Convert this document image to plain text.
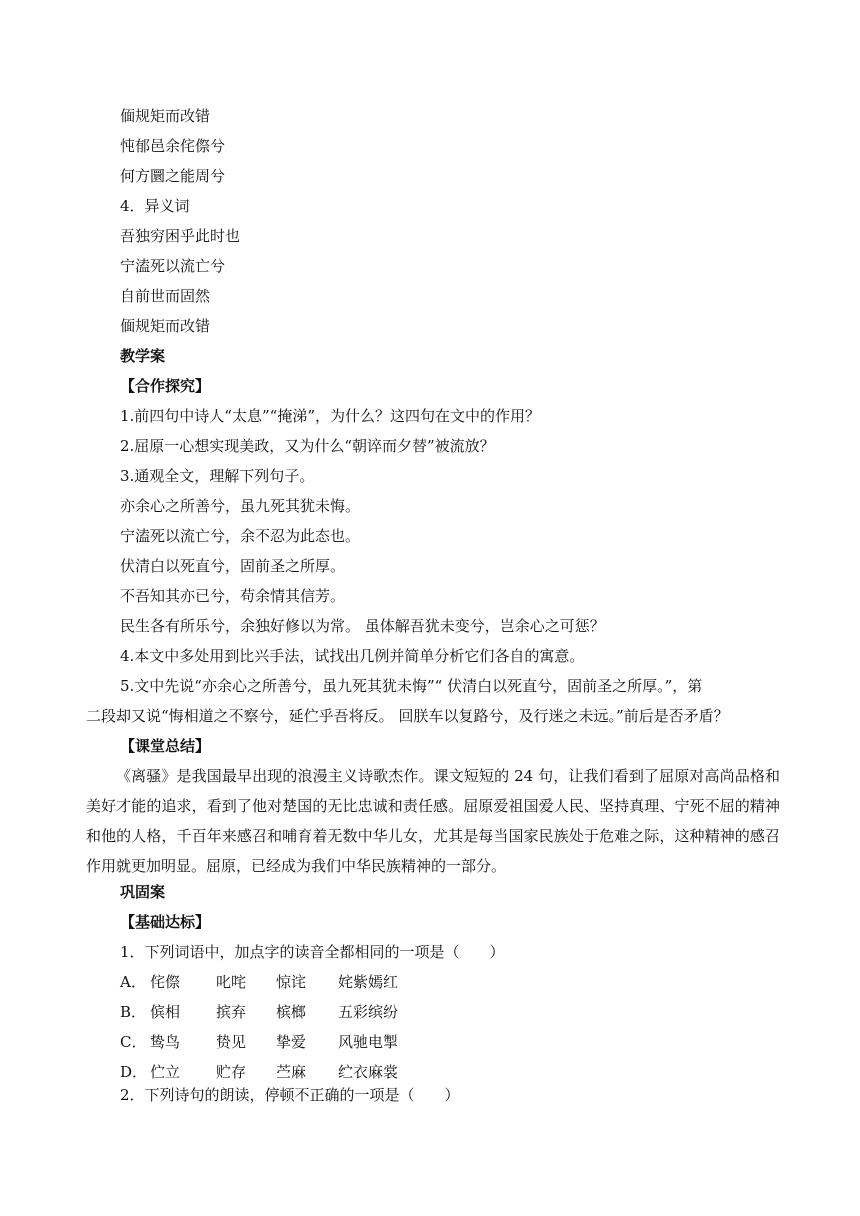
偭规矩而改错
忳郁邑余侘傺兮
何方圜之能周兮
4．异义词
吾独穷困乎此时也
宁溘死以流亡兮
自前世而固然
偭规矩而改错
教学案
【合作探究】
1.前四句中诗人“太息”“掩涕”，为什么？这四句在文中的作用？
2.屈原一心想实现美政，又为什么“朝谇而夕替”被流放？
3.通观全文，理解下列句子。
亦余心之所善兮，虽九死其犹未悔。
宁溘死以流亡兮，余不忍为此态也。
伏清白以死直兮，固前圣之所厚。
不吾知其亦已兮，苟余情其信芳。
民生各有所乐兮，余独好修以为常。 虽体解吾犹未变兮，岂余心之可惩？
4.本文中多处用到比兴手法，试找出几例并简单分析它们各自的寓意。
5.文中先说“亦余心之所善兮，虽九死其犹未悔”“ 伏清白以死直兮，固前圣之所厚。”，第
二段却又说“悔相道之不察兮，延伫乎吾将反。 回朕车以复路兮，及行迷之未远。”前后是否矛盾？
【课堂总结】
《离骚》是我国最早出现的浪漫主义诗歌杰作。课文短短的 24 句，让我们看到了屈原对高尚品格和美好才能的追求，看到了他对楚国的无比忠诚和责任感。屈原爱祖国爱人民、坚持真理、宁死不屈的精神和他的人格，千百年来感召和哺育着无数中华儿女，尤其是每当国家民族处于危难之际，这种精神的感召作用就更加明显。屈原，已经成为我们中华民族精神的一部分。
巩固案
【基础达标】
1．下列词语中，加点字的读音全都相同的一项是（　　）
A． 侘傺 叱咤 惊诧 姹紫嫣红
B． 傧相 摈弃 槟榔 五彩缤纷
C． 鸷鸟 贽见 挚爱 风驰电掣
D． 伫立 贮存 苎麻 纻衣麻裳
2．下列诗句的朗读，停顿不正确的一项是（　　）
